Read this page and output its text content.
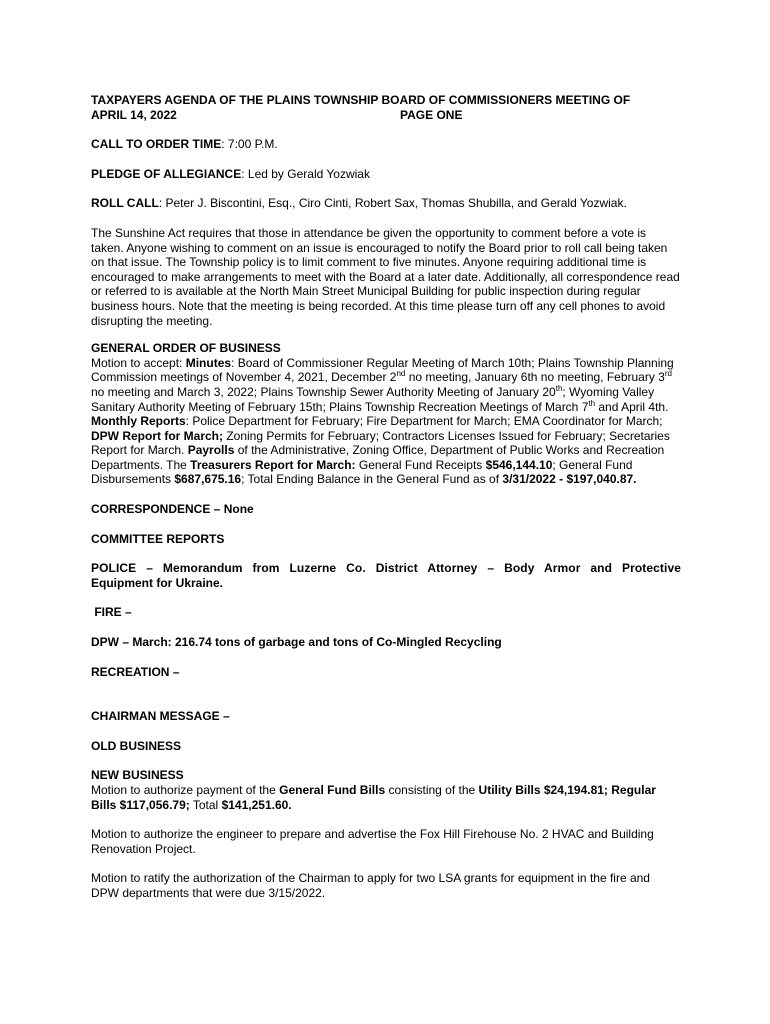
TAXPAYERS AGENDA OF THE PLAINS TOWNSHIP BOARD OF COMMISSIONERS MEETING OF
APRIL 14, 2022	PAGE ONE

CALL TO ORDER TIME: 7:00 P.M.

PLEDGE OF ALLEGIANCE: Led by Gerald Yozwiak

ROLL CALL: Peter J. Biscontini, Esq., Ciro Cinti, Robert Sax, Thomas Shubilla, and Gerald Yozwiak.

The Sunshine Act requires that those in attendance be given the opportunity to comment before a vote is taken. Anyone wishing to comment on an issue is encouraged to notify the Board prior to roll call being taken on that issue. The Township policy is to limit comment to five minutes. Anyone requiring additional time is encouraged to make arrangements to meet with the Board at a later date. Additionally, all correspondence read or referred to is available at the North Main Street Municipal Building for public inspection during regular business hours. Note that the meeting is being recorded. At this time please turn off any cell phones to avoid disrupting the meeting.

GENERAL ORDER OF BUSINESS

Motion to accept: Minutes: Board of Commissioner Regular Meeting of March 10th; Plains Township Planning Commission meetings of November 4, 2021, December 2nd no meeting, January 6th no meeting, February 3rd no meeting and March 3, 2022; Plains Township Sewer Authority Meeting of January 20th; Wyoming Valley Sanitary Authority Meeting of February 15th; Plains Township Recreation Meetings of March 7th and April 4th. Monthly Reports: Police Department for February; Fire Department for March; EMA Coordinator for March; DPW Report for March; Zoning Permits for February; Contractors Licenses Issued for February; Secretaries Report for March. Payrolls of the Administrative, Zoning Office, Department of Public Works and Recreation Departments. The Treasurers Report for March: General Fund Receipts $546,144.10; General Fund Disbursements $687,675.16; Total Ending Balance in the General Fund as of 3/31/2022 - $197,040.87.

CORRESPONDENCE – None

COMMITTEE REPORTS

POLICE – Memorandum from Luzerne Co. District Attorney – Body Armor and Protective
Equipment for Ukraine.

FIRE –

DPW – March: 216.74 tons of garbage and tons of Co-Mingled Recycling

RECREATION –

CHAIRMAN MESSAGE –

OLD BUSINESS

NEW BUSINESS

Motion to authorize payment of the General Fund Bills consisting of the Utility Bills $24,194.81; Regular Bills $117,056.79; Total $141,251.60.

Motion to authorize the engineer to prepare and advertise the Fox Hill Firehouse No. 2 HVAC and Building Renovation Project.

Motion to ratify the authorization of the Chairman to apply for two LSA grants for equipment in the fire and DPW departments that were due 3/15/2022.
